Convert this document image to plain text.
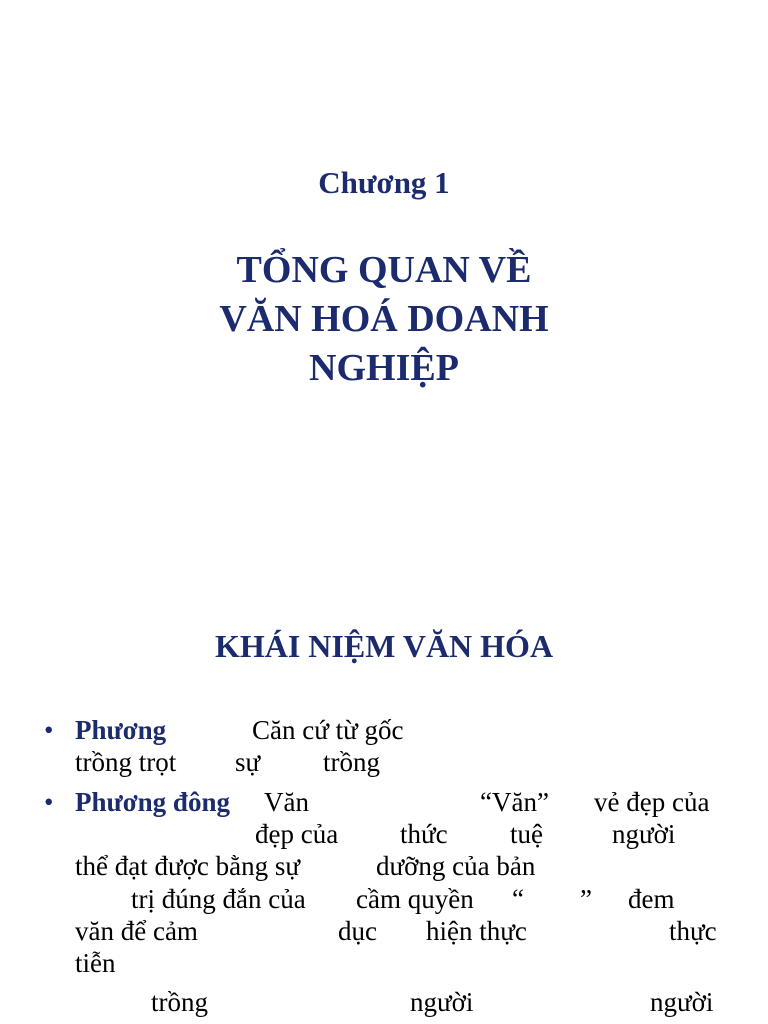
Chương 1
TỔNG QUAN VỀ
VĂN HOÁ DOANH
NGHIỆP
KHÁI NIỆM VĂN HÓA
• Phương	Căn cứ từ gốc
trồng trọt sự trồng
• Phương đông Văn	“Văn” vẻ đẹp của
đẹp của thức tuệ	người
thể đạt được bằng sự	dưỡng của bản
trị đúng đắn của cầm quyền “ ” đem
văn để cảm	dục hiện thực	thực
tiễn
trồng	người	người
